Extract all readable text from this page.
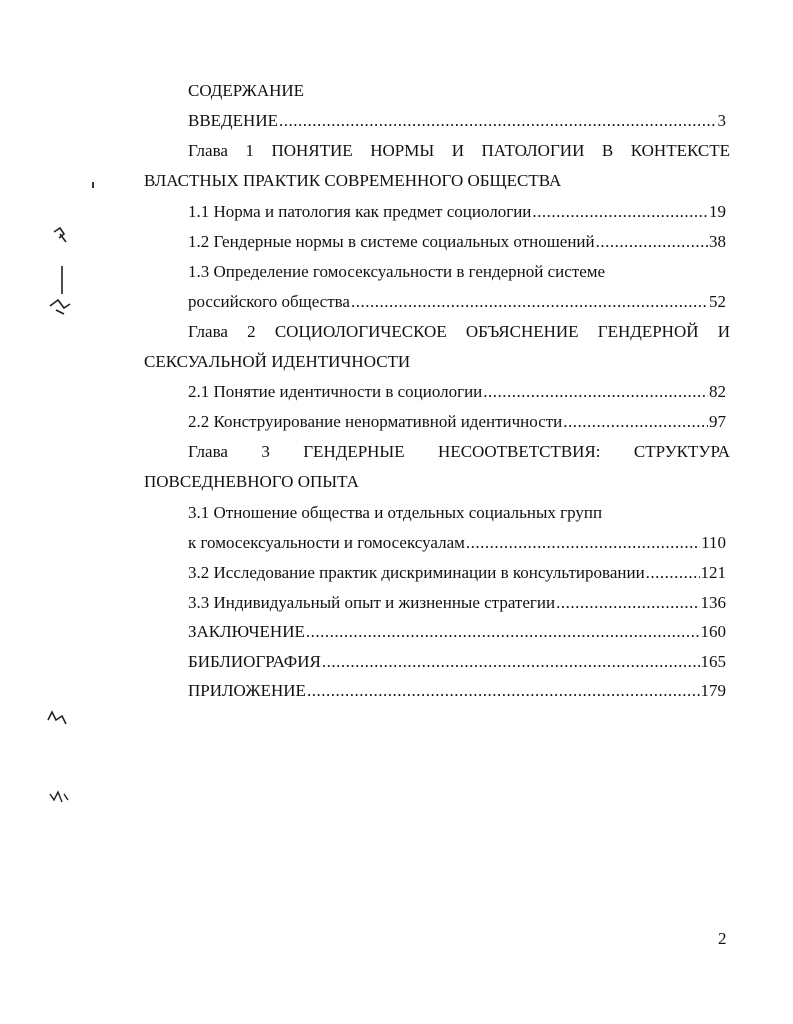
СОДЕРЖАНИЕ
ВВЕДЕНИЕ .....	3
Глава 1 ПОНЯТИЕ НОРМЫ И ПАТОЛОГИИ В КОНТЕКСТЕ
ВЛАСТНЫХ ПРАКТИК СОВРЕМЕННОГО ОБЩЕСТВА
1.1 Норма и патология как предмет социологии .....	19
1.2 Гендерные нормы в системе социальных отношений .....	38
1.3 Определение гомосексуальности в гендерной системе
российского общества .....	52
Глава 2 СОЦИОЛОГИЧЕСКОЕ ОБЪЯСНЕНИЕ ГЕНДЕРНОЙ И
СЕКСУАЛЬНОЙ ИДЕНТИЧНОСТИ
2.1 Понятие идентичности в социологии .....	82
2.2 Конструирование ненормативной идентичности .....	97
Глава 3 ГЕНДЕРНЫЕ НЕСООТВЕТСТВИЯ: СТРУКТУРА
ПОВСЕДНЕВНОГО ОПЫТА
3.1 Отношение общества и отдельных социальных групп
к гомосексуальности и гомосексуалам .....	110
3.2 Исследование практик дискриминации в консультировании .....	121
3.3 Индивидуальный опыт и жизненные стратегии .....	136
ЗАКЛЮЧЕНИЕ .....	160
БИБЛИОГРАФИЯ .....	165
ПРИЛОЖЕНИЕ .....	179
2
